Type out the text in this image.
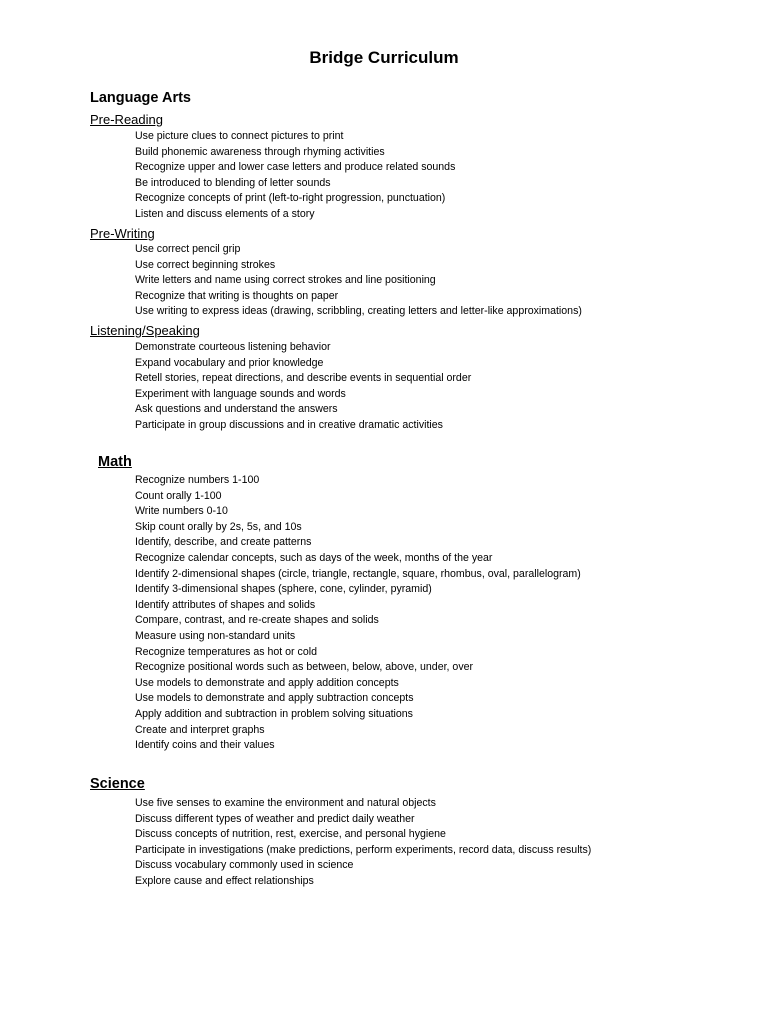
Bridge Curriculum
Language Arts
Pre-Reading
Use picture clues to connect pictures to print
Build phonemic awareness through rhyming activities
Recognize upper and lower case letters and produce related sounds
Be introduced to blending of letter sounds
Recognize concepts of print (left-to-right progression, punctuation)
Listen and discuss elements of a story
Pre-Writing
Use correct pencil grip
Use correct beginning strokes
Write letters and name using correct strokes and line positioning
Recognize that writing is thoughts on paper
Use writing to express ideas (drawing, scribbling, creating letters and letter-like approximations)
Listening/Speaking
Demonstrate courteous listening behavior
Expand vocabulary and prior knowledge
Retell stories, repeat directions, and describe events in sequential order
Experiment with language sounds and words
Ask questions and understand the answers
Participate in group discussions and in creative dramatic activities
Math
Recognize numbers 1-100
Count orally 1-100
Write numbers 0-10
Skip count orally by 2s, 5s, and 10s
Identify, describe, and create patterns
Recognize calendar concepts, such as days of the week, months of the year
Identify 2-dimensional shapes (circle, triangle, rectangle, square, rhombus, oval, parallelogram)
Identify 3-dimensional shapes (sphere, cone, cylinder, pyramid)
Identify attributes of shapes and solids
Compare, contrast, and re-create shapes and solids
Measure using non-standard units
Recognize temperatures as hot or cold
Recognize positional words such as between, below, above, under, over
Use models to demonstrate and apply addition concepts
Use models to demonstrate and apply subtraction concepts
Apply addition and subtraction in problem solving situations
Create and interpret graphs
Identify coins and their values
Science
Use five senses to examine the environment and natural objects
Discuss different types of weather and predict daily weather
Discuss concepts of nutrition, rest, exercise, and personal hygiene
Participate in investigations (make predictions, perform experiments, record data, discuss results)
Discuss vocabulary commonly used in science
Explore cause and effect relationships
